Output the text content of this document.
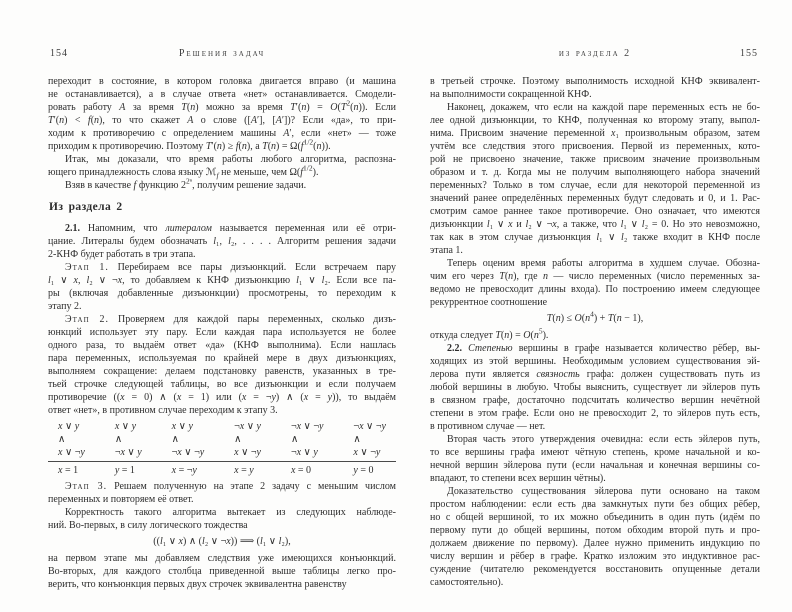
154	Решения задач
переходит в состояние, в котором головка двигается вправо (и машина
не останавливается), а в случае ответа «нет» останавливается. Смодели-
ровать работу A за время T(n) можно за время $T'(n) = O(T^2(n))$. Если
T′(n) < f(n), то что скажет A о слове ([A′], [A′])? Если «да», то при-
ходим к противоречию с определением машины A′, если «нет» — тоже
приходим к противоречию. Поэтому T′(n) ≥ f(n), а $T(n) = \Omega(f^{1/2}(n))$.
Итак, мы доказали, что время работы любого алгоритма, распозна-
ющего принадлежность слова языку ℳ$_f$ не меньше, чем $\Omega(f^{1/2})$.
Взяв в качестве f функцию $2^{2^n}$, получим решение задачи.
Из раздела 2
2.1. Напомним, что литералом называется переменная или её отри-
цание. Литералы будем обозначать l₁, l₂, . . . . Алгоритм решения задачи
2-КНФ будет работать в три этапа.
Этап 1. Перебираем все пары дизъюнкций. Если встречаем пару
l₁ ∨ x, l₂ ∨ ¬x, то добавляем к КНФ дизъюнкцию l₁ ∨ l₂. Если все па-
ры (включая добавленные дизъюнкции) просмотрены, то переходим к
этапу 2.
Этап 2. Проверяем для каждой пары переменных, сколько дизъ-
юнкций использует эту пару. Если каждая пара используется не более
одного раза, то выдаём ответ «да» (КНФ выполнима). Если нашлась
пара переменных, используемая по крайней мере в двух дизъюнкциях,
выполняем сокращение: делаем подстановку равенств, указанных в тре-
тьей строчке следующей таблицы, во все дизъюнкции и если получаем
противоречие ((x = 0) ∧ (x = 1) или (x = ¬y) ∧ (x = y)), то выдаём
ответ «нет», в противном случае переходим к этапу 3.
x ∨ y
∧
x ∨ ¬y
x = 1
x ∨ y
∧
¬x ∨ y
y = 1
x ∨ y
∧
¬x ∨ ¬y
x = ¬y
¬x ∨ y
∧
x ∨ ¬y
x = y
¬x ∨ ¬y
∧
¬x ∨ y
x = 0
¬x ∨ ¬y
∧
x ∨ ¬y
y = 0
Этап 3. Решаем полученную на этапе 2 задачу с меньшим числом
переменных и повторяем её ответ.
Корректность такого алгоритма вытекает из следующих наблюде-
ний. Во-первых, в силу логического тождества
((l₁ ∨ x) ∧ (l₂ ∨ ¬x)) ⟹ (l₁ ∨ l₂),
на первом этапе мы добавляем следствия уже имеющихся конъюнкций.
Во-вторых, для каждого столбца приведенной выше таблицы легко про-
верить, что конъюнкция первых двух строчек эквивалентна равенству
из раздела 2	155
в третьей строчке. Поэтому выполнимость исходной КНФ эквивалент-
на выполнимости сокращенной КНФ.
Наконец, докажем, что если на каждой паре переменных есть не бо-
лее одной дизъюнкции, то КНФ, полученная ко второму этапу, выпол-
нима. Присвоим значение переменной x₁ произвольным образом, затем
учтём все следствия этого присвоения. Первой из переменных, кото-
рой не присвоено значение, также присвоим значение произвольным
образом и т. д. Когда мы не получим выполняющего набора значений
переменных? Только в том случае, если для некоторой переменной из
значений ранее определённых переменных будут следовать и 0, и 1. Рас-
смотрим самое раннее такое противоречие. Оно означает, что имеются
дизъюнкции l₁ ∨ x и l₂ ∨ ¬x, а также, что l₁ ∨ l₂ = 0. Но это невозможно,
так как в этом случае дизъюнкция l₁ ∨ l₂ также входит в КНФ после
этапа 1.
Теперь оценим время работы алгоритма в худшем случае. Обозна-
чим его через T(n), где n — число переменных (число переменных за-
ведомо не превосходит длины входа). По построению имеем следующее
рекуррентное соотношение
$T(n) \le O(n^4) + T(n - 1)$,
откуда следует $T(n) = O(n^5)$.
2.2. Степенью вершины в графе называется количество рёбер, вы-
ходящих из этой вершины. Необходимым условием существования эй-
лерова пути является связность графа: должен существовать путь из
любой вершины в любую. Чтобы выяснить, существует ли эйлеров путь
в связном графе, достаточно подсчитать количество вершин нечётной
степени в этом графе. Если оно не превосходит 2, то эйлеров путь есть,
в противном случае — нет.
Вторая часть этого утверждения очевидна: если есть эйлеров путь,
то все вершины графа имеют чётную степень, кроме начальной и ко-
нечной вершин эйлерова пути (если начальная и конечная вершины со-
впадают, то степени всех вершин чётны).
Доказательство существования эйлерова пути основано на таком
простом наблюдении: если есть два замкнутых пути без общих рёбер,
но с общей вершиной, то их можно объединить в один путь (идём по
первому пути до общей вершины, потом обходим второй путь и про-
должаем движение по первому). Далее нужно применить индукцию по
числу вершин и рёбер в графе. Кратко изложим это индуктивное рас-
суждение (читателю рекомендуется восстановить опущенные детали
самостоятельно).
